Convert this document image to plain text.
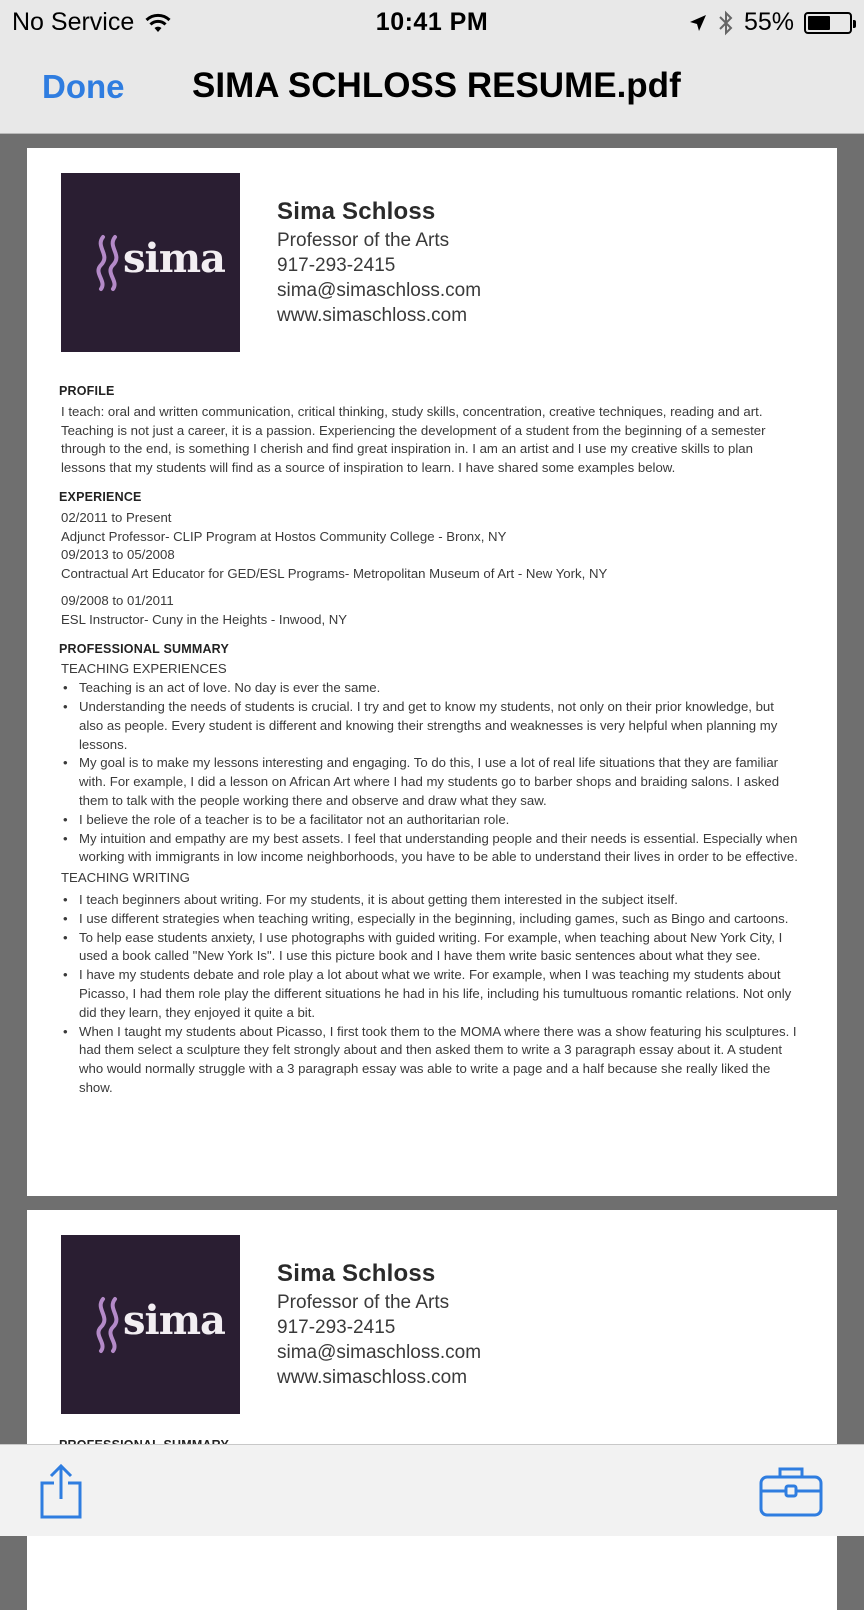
No Service	10:41 PM	55%
Done SIMA SCHLOSS RESUME.pdf
sima
Sima Schloss
Professor of the Arts
917-293-2415
sima@simaschloss.com
www.simaschloss.com
PROFILE
I teach: oral and written communication, critical thinking, study skills, concentration, creative techniques, reading and art. Teaching is not just a career, it is a passion. Experiencing the development of a student from the beginning of a semester through to the end, is something I cherish and find great inspiration in. I am an artist and I use my creative skills to plan lessons that my students will find as a source of inspiration to learn. I have shared some examples below.
EXPERIENCE
02/2011 to Present
Adjunct Professor- CLIP Program at Hostos Community College - Bronx, NY
09/2013 to 05/2008
Contractual Art Educator for GED/ESL Programs- Metropolitan Museum of Art - New York, NY
09/2008 to 01/2011
ESL Instructor- Cuny in the Heights - Inwood, NY
PROFESSIONAL SUMMARY
TEACHING EXPERIENCES
• Teaching is an act of love. No day is ever the same.
• Understanding the needs of students is crucial. I try and get to know my students, not only on their prior knowledge, but also as people. Every student is different and knowing their strengths and weaknesses is very helpful when planning my lessons.
• My goal is to make my lessons interesting and engaging. To do this, I use a lot of real life situations that they are familiar with. For example, I did a lesson on African Art where I had my students go to barber shops and braiding salons. I asked them to talk with the people working there and observe and draw what they saw.
• I believe the role of a teacher is to be a facilitator not an authoritarian role.
• My intuition and empathy are my best assets. I feel that understanding people and their needs is essential. Especially when working with immigrants in low income neighborhoods, you have to be able to understand their lives in order to be effective.
TEACHING WRITING
• I teach beginners about writing. For my students, it is about getting them interested in the subject itself.
• I use different strategies when teaching writing, especially in the beginning, including games, such as Bingo and cartoons.
• To help ease students anxiety, I use photographs with guided writing. For example, when teaching about New York City, I used a book called "New York Is". I use this picture book and I have them write basic sentences about what they see.
• I have my students debate and role play a lot about what we write. For example, when I was teaching my students about Picasso, I had them role play the different situations he had in his life, including his tumultuous romantic relations. Not only did they learn, they enjoyed it quite a bit.
• When I taught my students about Picasso, I first took them to the MOMA where there was a show featuring his sculptures. I had them select a sculpture they felt strongly about and then asked them to write a 3 paragraph essay about it. A student who would normally struggle with a 3 paragraph essay was able to write a page and a half because she really liked the show.
sima
Sima Schloss
Professor of the Arts
917-293-2415
sima@simaschloss.com
www.simaschloss.com
